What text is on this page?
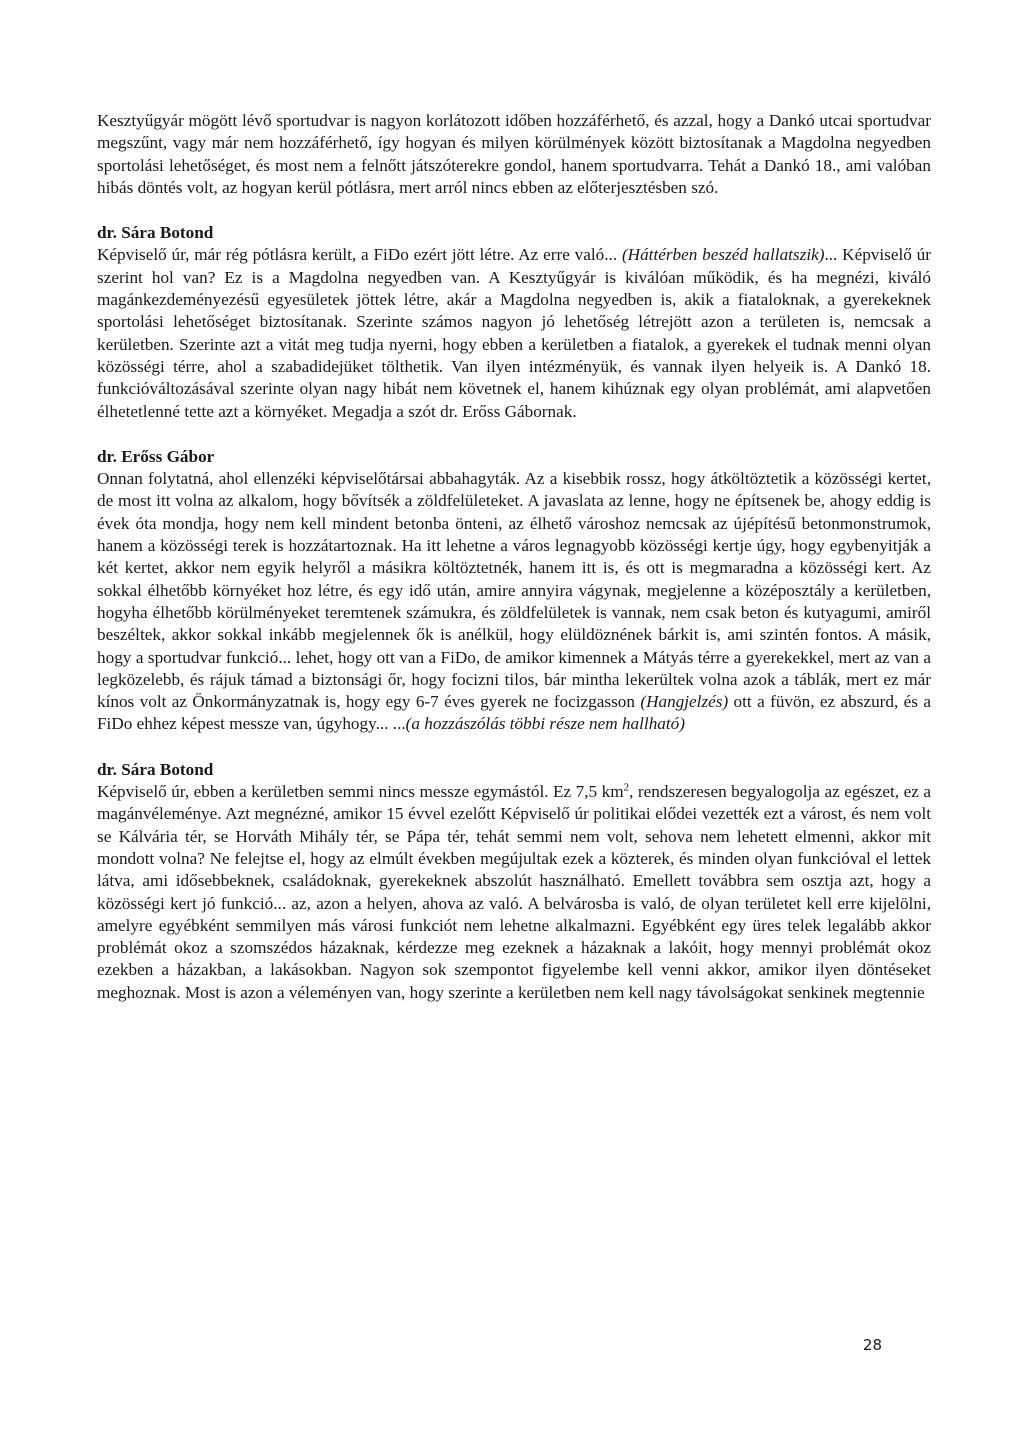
Kesztyűgyár mögött lévő sportudvar is nagyon korlátozott időben hozzáférhető, és azzal, hogy a Dankó utcai sportudvar megszűnt, vagy már nem hozzáférhető, így hogyan és milyen körülmények között biztosítanak a Magdolna negyedben sportolási lehetőséget, és most nem a felnőtt játszóterekre gondol, hanem sportudvarra. Tehát a Dankó 18., ami valóban hibás döntés volt, az hogyan kerül pótlásra, mert arról nincs ebben az előterjesztésben szó.

dr. Sára Botond

Képviselő úr, már rég pótlásra került, a FiDo ezért jött létre. Az erre való... (Háttérben beszéd hallatszik)... Képviselő úr szerint hol van? Ez is a Magdolna negyedben van. A Kesztyűgyár is kiválóan működik, és ha megnézi, kiváló magánkezdeményezésű egyesületek jöttek létre, akár a Magdolna negyedben is, akik a fiataloknak, a gyerekeknek sportolási lehetőséget biztosítanak. Szerinte számos nagyon jó lehetőség létrejött azon a területen is, nemcsak a kerületben. Szerinte azt a vitát meg tudja nyerni, hogy ebben a kerületben a fiatalok, a gyerekek el tudnak menni olyan közösségi térre, ahol a szabadidejüket tölthetik. Van ilyen intézményük, és vannak ilyen helyeik is. A Dankó 18. funkcióváltozásával szerinte olyan nagy hibát nem követnek el, hanem kihúznak egy olyan problémát, ami alapvetően élhetetlenné tette azt a környéket. Megadja a szót dr. Erőss Gábornak.

dr. Erőss Gábor

Onnan folytatná, ahol ellenzéki képviselőtársai abbahagyták. Az a kisebbik rossz, hogy átköltöztetik a közösségi kertet, de most itt volna az alkalom, hogy bővítsék a zöldfelületeket. A javaslata az lenne, hogy ne építsenek be, ahogy eddig is évek óta mondja, hogy nem kell mindent betonba önteni, az élhető városhoz nemcsak az újépítésű betonmonstrumok, hanem a közösségi terek is hozzátartoznak. Ha itt lehetne a város legnagyobb közösségi kertje úgy, hogy egybenyitják a két kertet, akkor nem egyik helyről a másikra költöztetnék, hanem itt is, és ott is megmaradna a közösségi kert. Az sokkal élhetőbb környéket hoz létre, és egy idő után, amire annyira vágynak, megjelenne a középosztály a kerületben, hogyha élhetőbb körülményeket teremtenek számukra, és zöldfelületek is vannak, nem csak beton és kutyagumi, amiről beszéltek, akkor sokkal inkább megjelennek ők is anélkül, hogy elüldöznének bárkit is, ami szintén fontos. A másik, hogy a sportudvar funkció... lehet, hogy ott van a FiDo, de amikor kimennek a Mátyás térre a gyerekekkel, mert az van a legközelebb, és rájuk támad a biztonsági őr, hogy focizni tilos, bár mintha lekerültek volna azok a táblák, mert ez már kínos volt az Önkormányzatnak is, hogy egy 6-7 éves gyerek ne focizgasson (Hangjelzés) ott a füvön, ez abszurd, és a FiDo ehhez képest messze van, úgyhogy... ...(a hozzászólás többi része nem hallható)

dr. Sára Botond

Képviselő úr, ebben a kerületben semmi nincs messze egymástól. Ez 7,5 $km^2$, rendszeresen begyalogolja az egészet, ez a magánvéleménye. Azt megnézné, amikor 15 évvel ezelőtt Képviselő úr politikai elődei vezették ezt a várost, és nem volt se Kálvária tér, se Horváth Mihály tér, se Pápa tér, tehát semmi nem volt, sehova nem lehetett elmenni, akkor mit mondott volna? Ne felejtse el, hogy az elmúlt években megújultak ezek a közterek, és minden olyan funkcióval el lettek látva, ami idősebbeknek, családoknak, gyerekeknek abszolút használható. Emellett továbbra sem osztja azt, hogy a közösségi kert jó funkció... az, azon a helyen, ahova az való. A belvárosba is való, de olyan területet kell erre kijelölni, amelyre egyébként semmilyen más városi funkciót nem lehetne alkalmazni. Egyébként egy üres telek legalább akkor problémát okoz a szomszédos házaknak, kérdezze meg ezeknek a házaknak a lakóit, hogy mennyi problémát okoz ezekben a házakban, a lakásokban. Nagyon sok szempontot figyelembe kell venni akkor, amikor ilyen döntéseket meghoznak. Most is azon a véleményen van, hogy szerinte a kerületben nem kell nagy távolságokat senkinek megtennie

28
